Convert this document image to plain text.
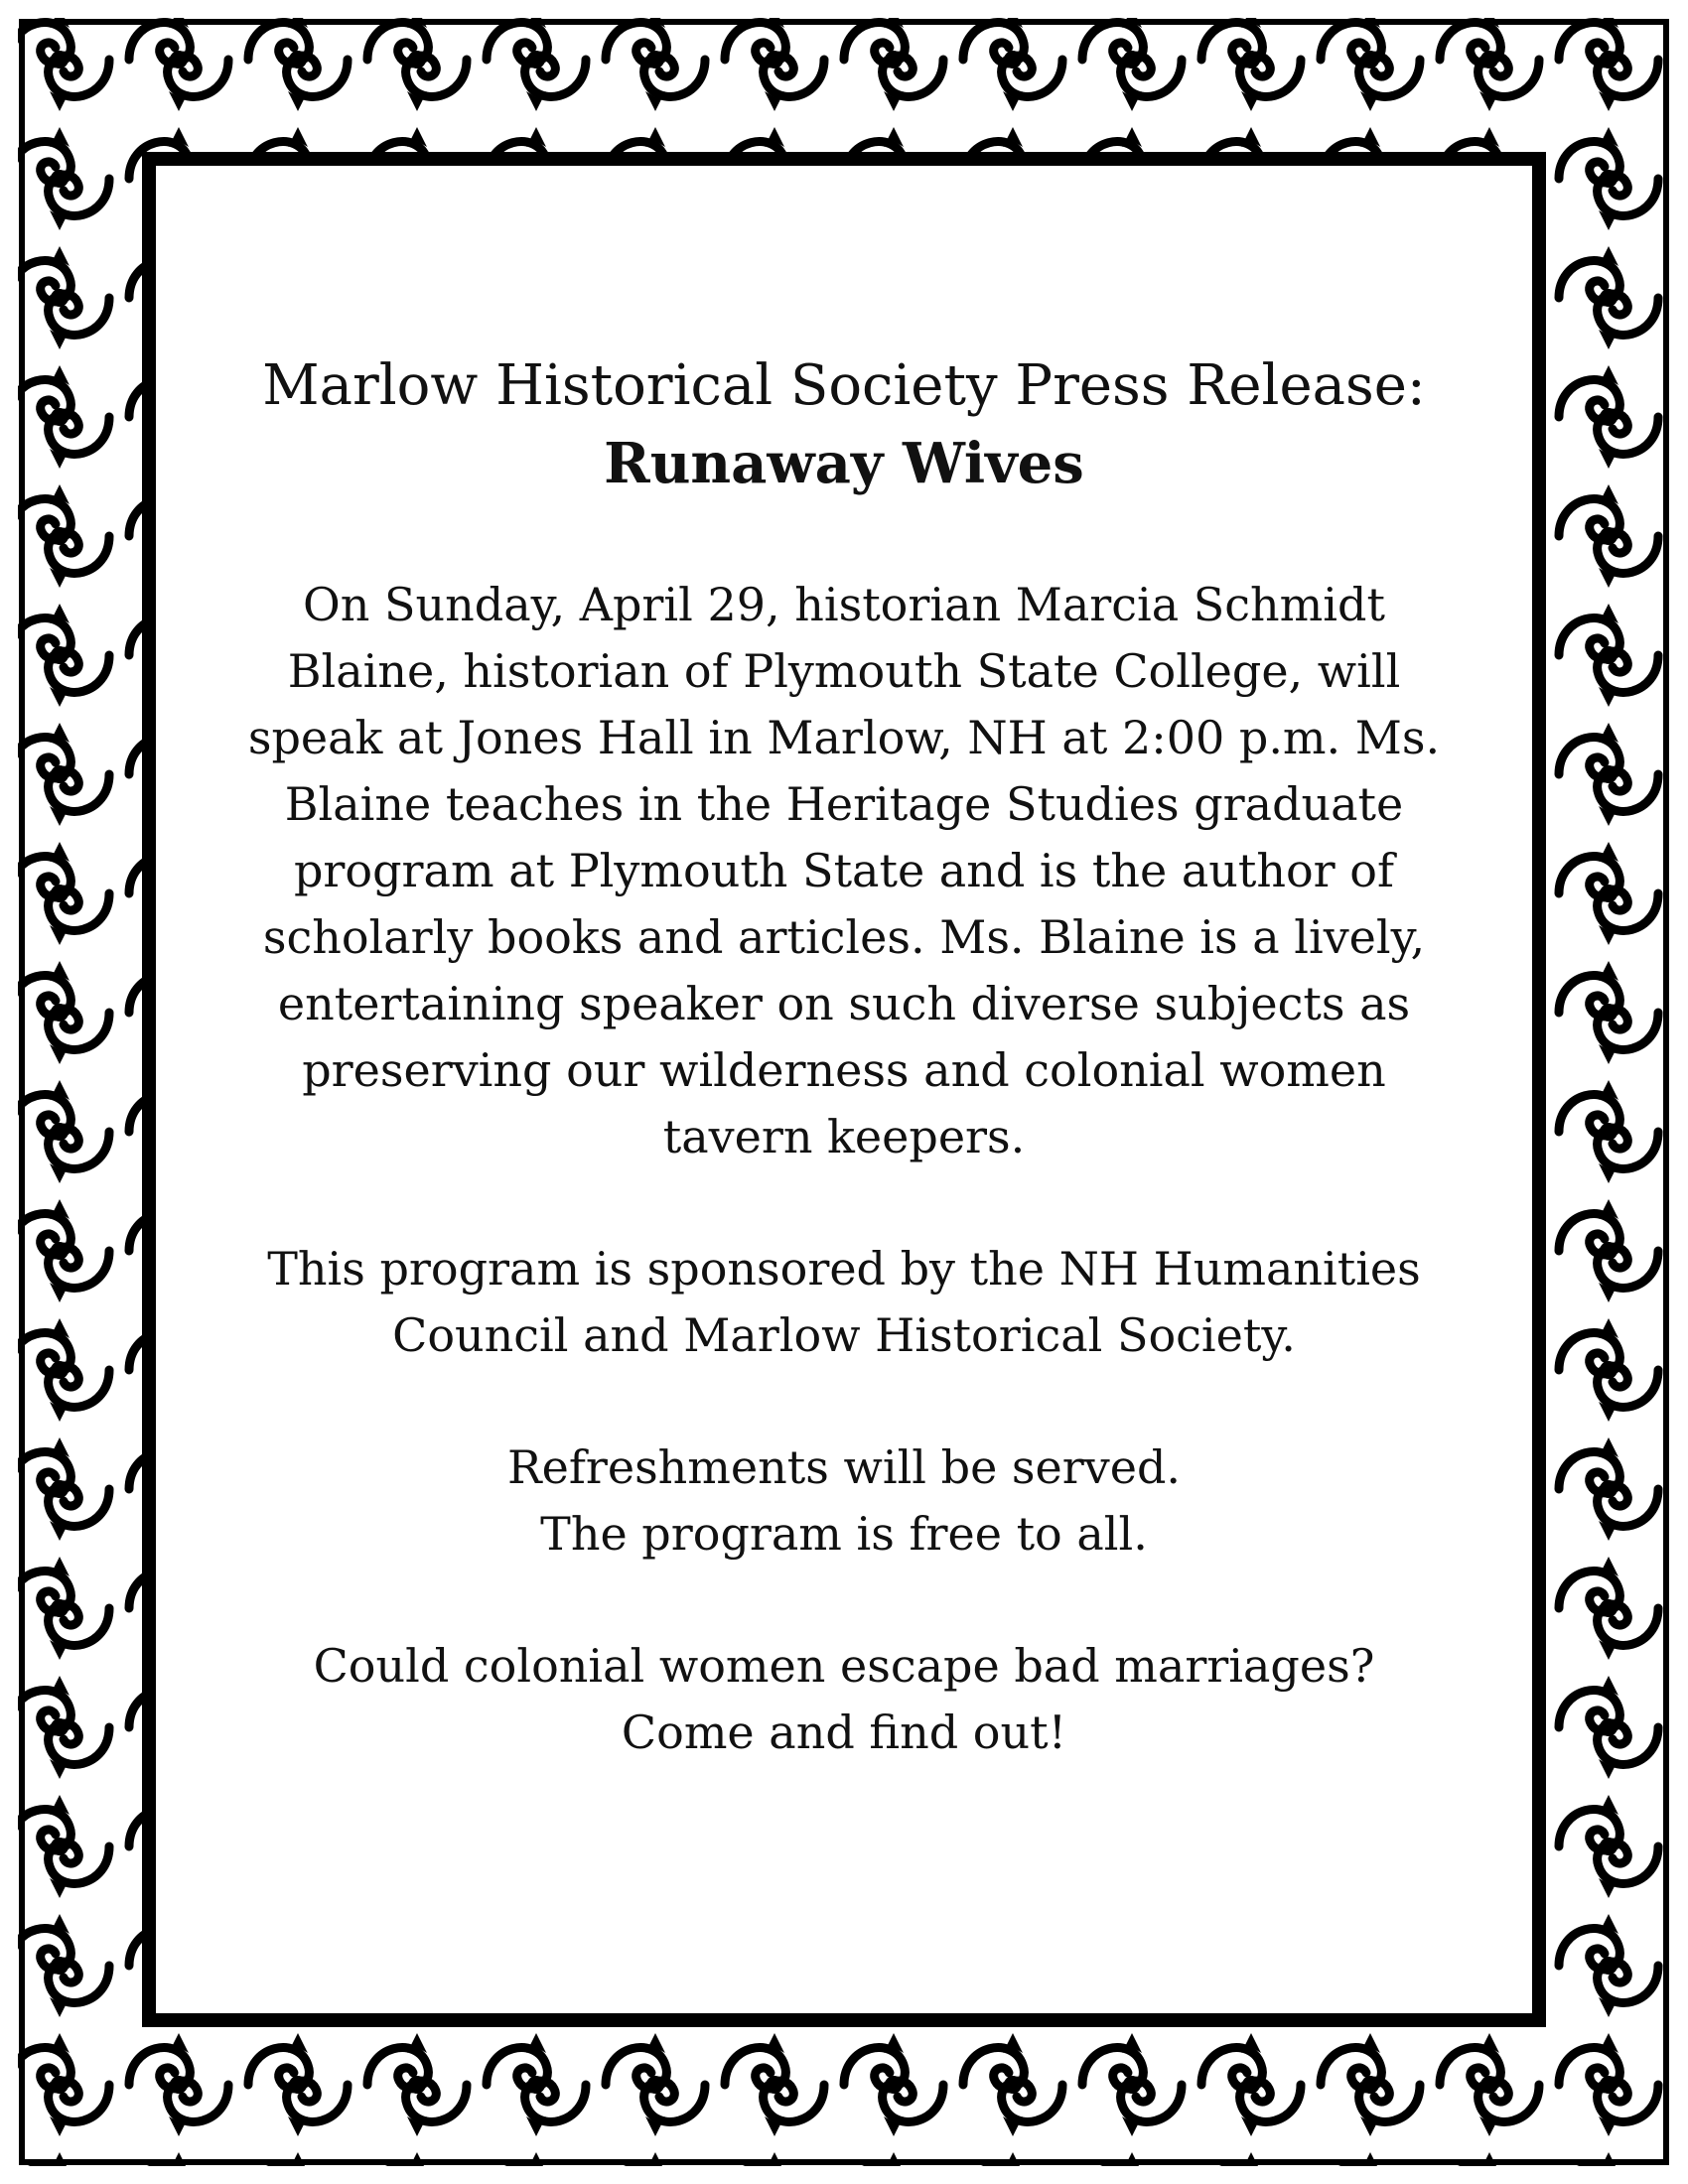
Marlow Historical Society Press Release:
Runaway Wives

On Sunday, April 29, historian Marcia Schmidt
Blaine, historian of Plymouth State College, will
speak at Jones Hall in Marlow, NH at 2:00 p.m. Ms.
Blaine teaches in the Heritage Studies graduate
program at Plymouth State and is the author of
scholarly books and articles. Ms. Blaine is a lively,
entertaining speaker on such diverse subjects as
preserving our wilderness and colonial women
tavern keepers.

This program is sponsored by the NH Humanities
Council and Marlow Historical Society.

Refreshments will be served.
The program is free to all.

Could colonial women escape bad marriages?
Come and find out!
